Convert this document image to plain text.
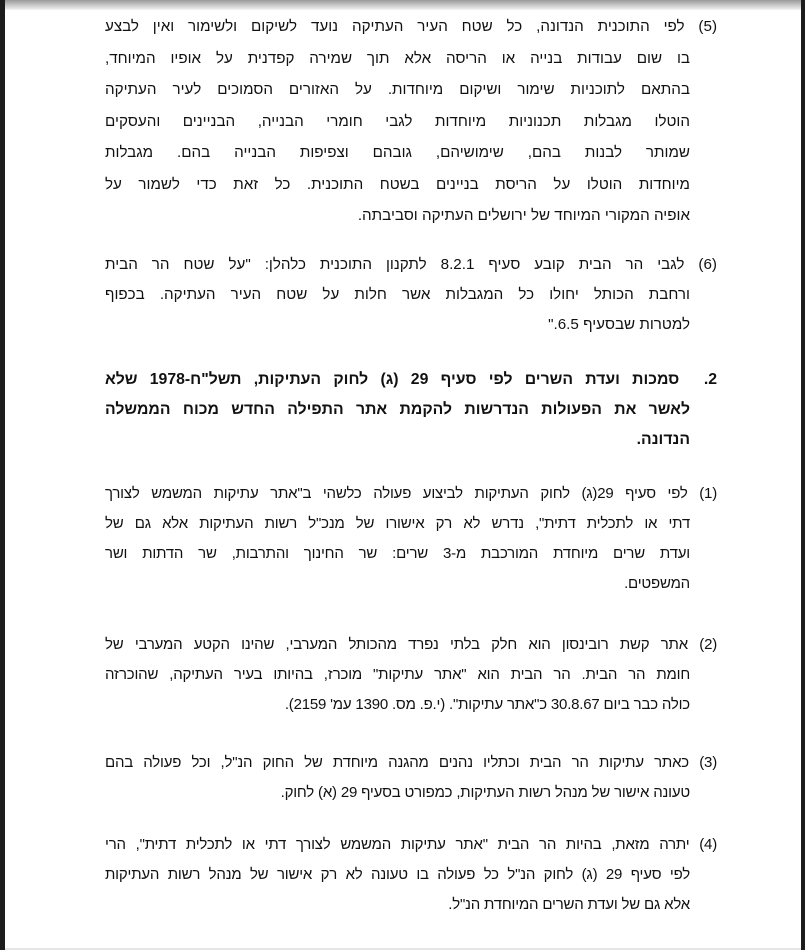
(5) לפי התוכנית הנדונה, כל שטח העיר העתיקה נועד לשיקום ולשימור ואין לבצע
בו שום עבודות בנייה או הריסה אלא תוך שמירה קפדנית על אופיו המיוחד,
בהתאם לתוכניות שימור ושיקום מיוחדות. על האזורים הסמוכים לעיר העתיקה
הוטלו מגבלות תכנוניות מיוחדות לגבי חומרי הבנייה, הבניינים והעסקים
שמותר לבנות בהם, שימושיהם, גובהם וצפיפות הבנייה בהם. מגבלות
מיוחדות הוטלו על הריסת בניינים בשטח התוכנית. כל זאת כדי לשמור על
אופיה המקורי המיוחד של ירושלים העתיקה וסביבתה.
(6) לגבי הר הבית קובע סעיף 8.2.1 לתקנון התוכנית כלהלן: "על שטח הר הבית
ורחבת הכותל יחולו כל המגבלות אשר חלות על שטח העיר העתיקה. בכפוף
למטרות שבסעיף 6.5."
2.  סמכות ועדת השרים לפי סעיף 29 (ג) לחוק העתיקות, תשל"ח-1978 שלא
לאשר את הפעולות הנדרשות להקמת אתר התפילה החדש מכוח הממשלה
הנדונה.
(1) לפי סעיף 29(ג) לחוק העתיקות לביצוע פעולה כלשהי ב"אתר עתיקות המשמש לצורך
דתי או לתכלית דתית", נדרש לא רק אישורו של מנכ"ל רשות העתיקות אלא גם של
ועדת שרים מיוחדת המורכבת מ-3 שרים: שר החינוך והתרבות, שר הדתות ושר
המשפטים.
(2) אתר קשת רובינסון הוא חלק בלתי נפרד מהכותל המערבי, שהינו הקטע המערבי של
חומת הר הבית. הר הבית הוא "אתר עתיקות" מוכרז, בהיותו בעיר העתיקה, שהוכרזה
כולה כבר ביום 30.8.67 כ"אתר עתיקות". (י.פ. מס. 1390 עמ' 2159).
(3) כאתר עתיקות הר הבית וכתליו נהנים מהגנה מיוחדת של החוק הנ"ל, וכל פעולה בהם
טעונה אישור של מנהל רשות העתיקות, כמפורט בסעיף 29 (א) לחוק.
(4) יתרה מזאת, בהיות הר הבית "אתר עתיקות המשמש לצורך דתי או לתכלית דתית", הרי
לפי סעיף 29 (ג) לחוק הנ"ל כל פעולה בו טעונה לא רק אישור של מנהל רשות העתיקות
אלא גם של ועדת השרים המיוחדת הנ"ל.
